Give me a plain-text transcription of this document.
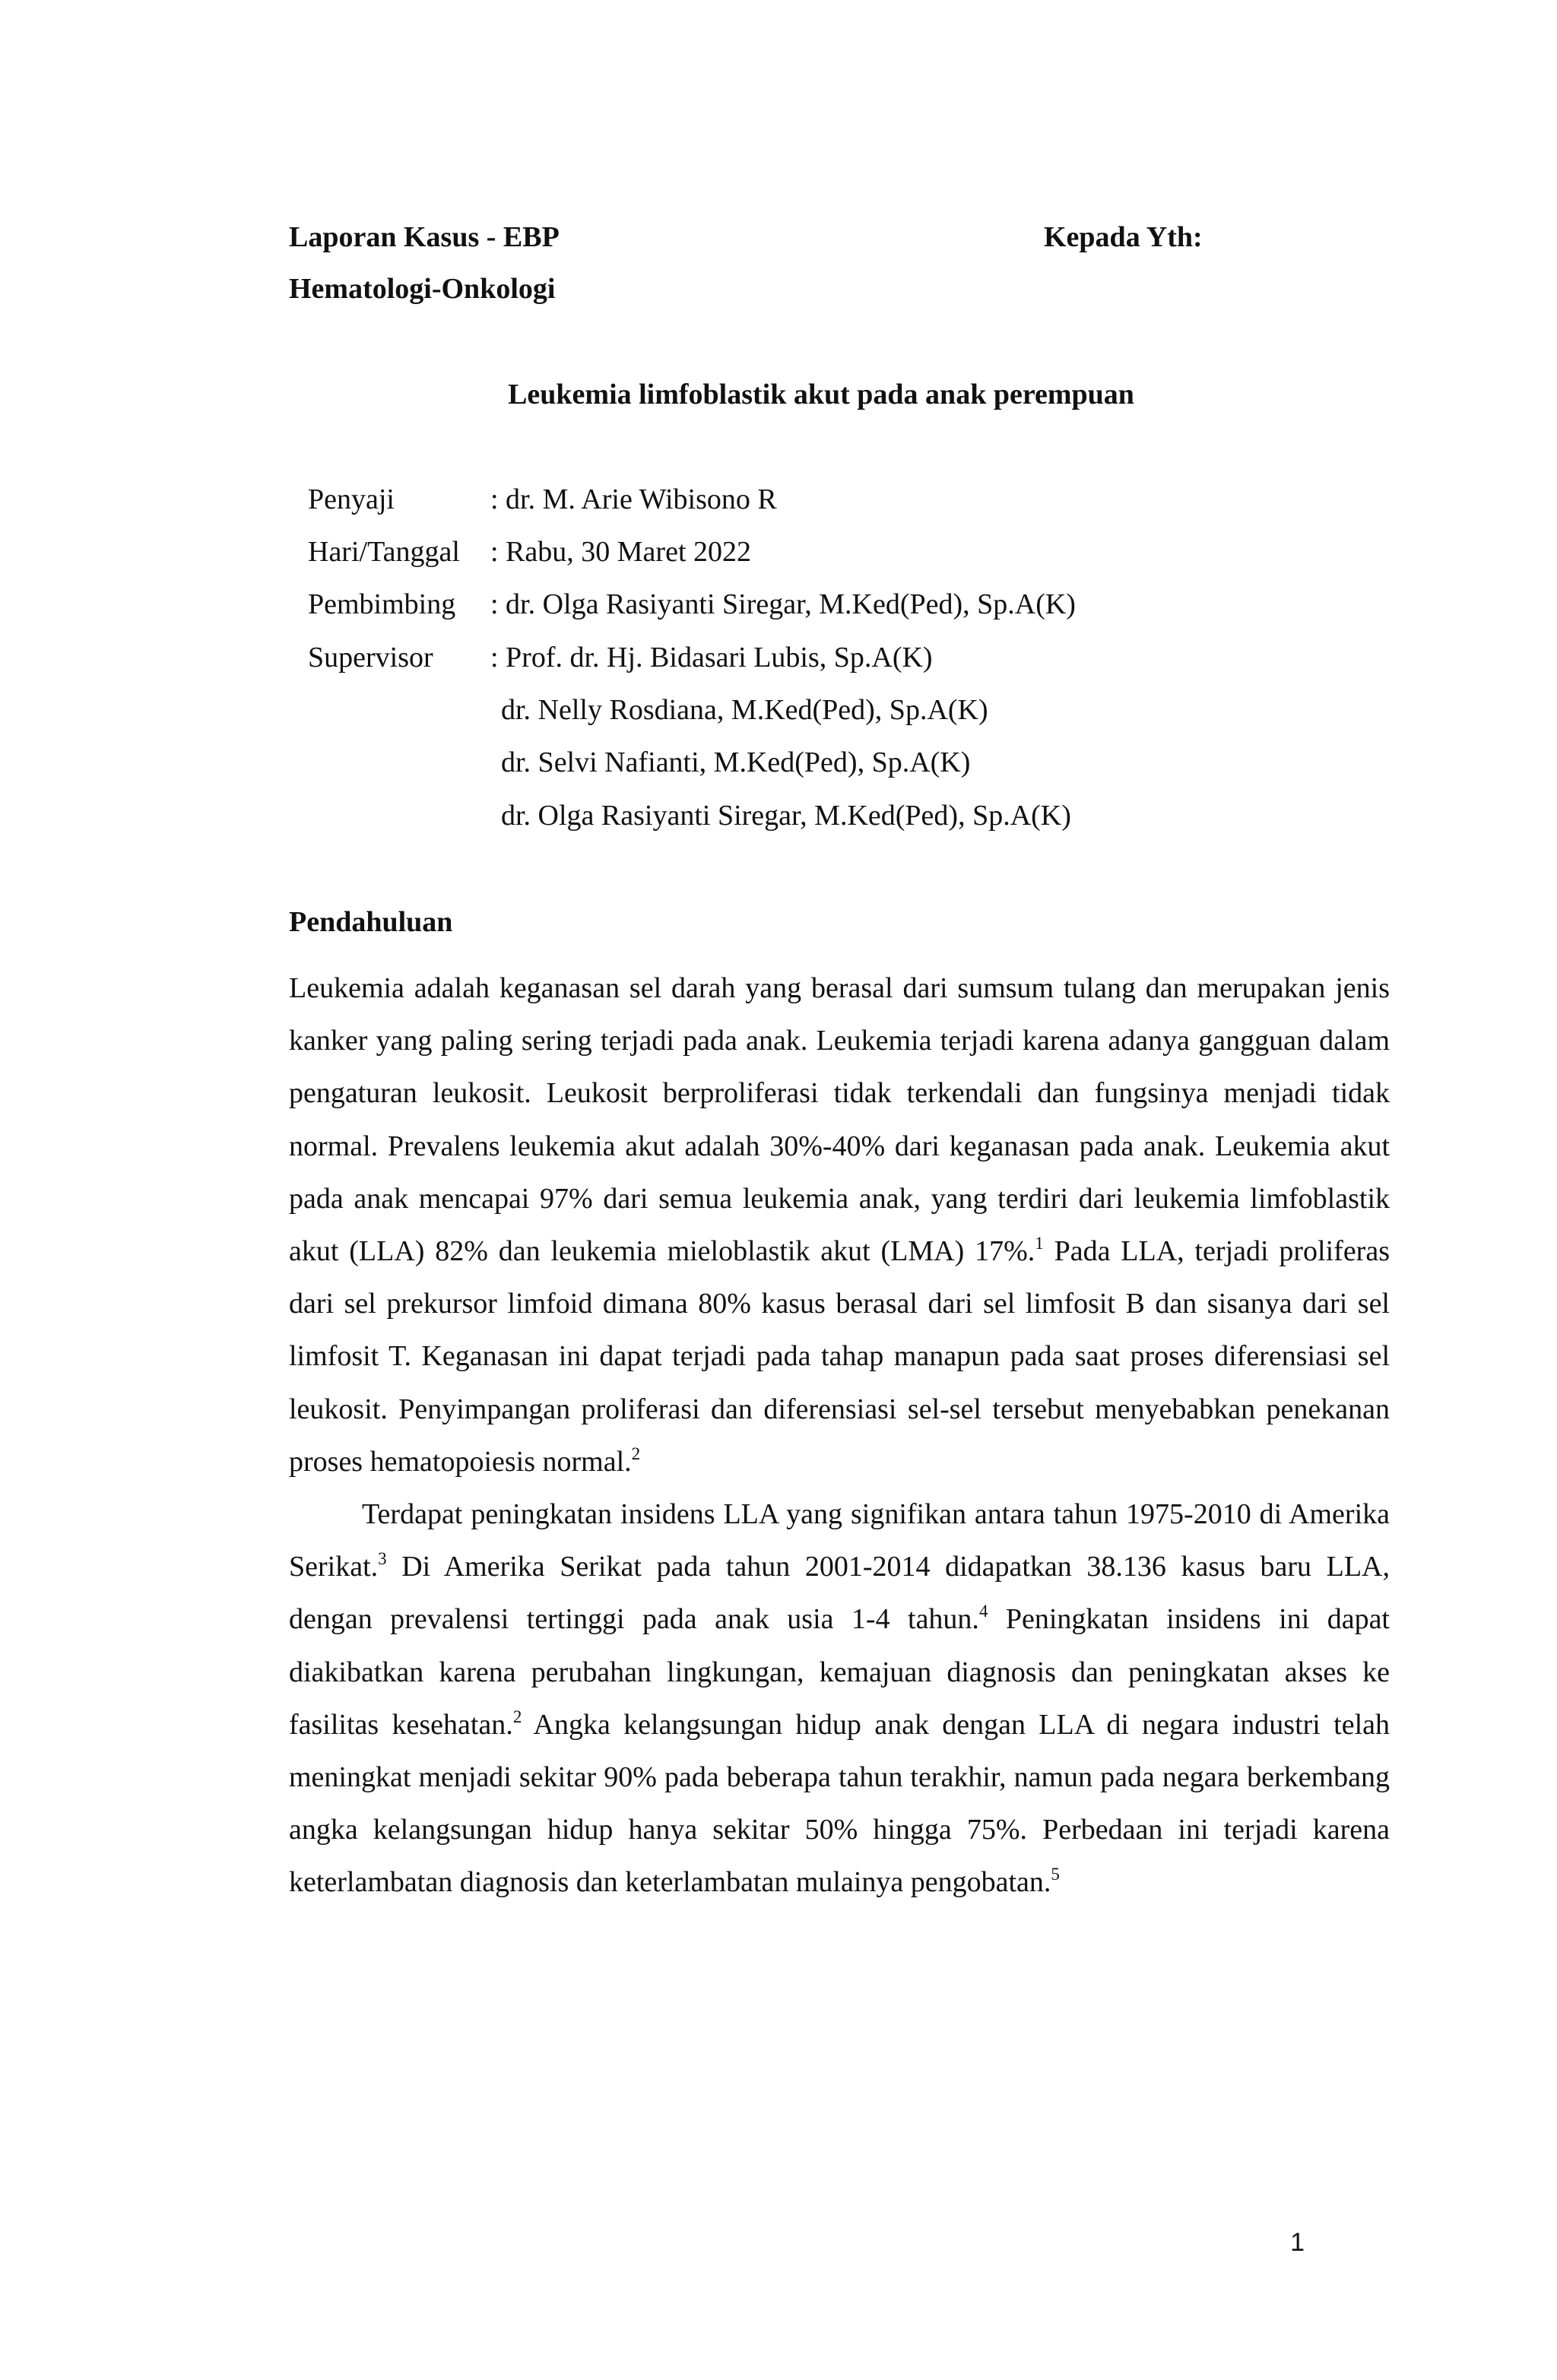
Laporan Kasus - EBP	Kepada Yth:
Hematologi-Onkologi
Leukemia limfoblastik akut pada anak perempuan
Penyaji	: dr. M. Arie Wibisono R
Hari/Tanggal : Rabu, 30 Maret 2022
Pembimbing : dr. Olga Rasiyanti Siregar, M.Ked(Ped), Sp.A(K)
Supervisor : Prof. dr. Hj. Bidasari Lubis, Sp.A(K)
dr. Nelly Rosdiana, M.Ked(Ped), Sp.A(K)
dr. Selvi Nafianti, M.Ked(Ped), Sp.A(K)
dr. Olga Rasiyanti Siregar, M.Ked(Ped), Sp.A(K)
Pendahuluan

Leukemia adalah keganasan sel darah yang berasal dari sumsum tulang dan merupakan jenis kanker yang paling sering terjadi pada anak. Leukemia terjadi karena adanya gangguan dalam pengaturan leukosit. Leukosit berproliferasi tidak terkendali dan fungsinya menjadi tidak normal. Prevalens leukemia akut adalah 30%-40% dari keganasan pada anak. Leukemia akut pada anak mencapai 97% dari semua leukemia anak, yang terdiri dari leukemia limfoblastik akut (LLA) 82% dan leukemia mieloblastik akut (LMA) 17%.$^1$ Pada LLA, terjadi proliferas dari sel prekursor limfoid dimana 80% kasus berasal dari sel limfosit B dan sisanya dari sel limfosit T. Keganasan ini dapat terjadi pada tahap manapun pada saat proses diferensiasi sel leukosit. Penyimpangan proliferasi dan diferensiasi sel-sel tersebut menyebabkan penekanan proses hematopoiesis normal.$^2$

Terdapat peningkatan insidens LLA yang signifikan antara tahun 1975-2010 di Amerika Serikat.$^3$ Di Amerika Serikat pada tahun 2001-2014 didapatkan 38.136 kasus baru LLA, dengan prevalensi tertinggi pada anak usia 1-4 tahun.$^4$ Peningkatan insidens ini dapat diakibatkan karena perubahan lingkungan, kemajuan diagnosis dan peningkatan akses ke fasilitas kesehatan.$^2$ Angka kelangsungan hidup anak dengan LLA di negara industri telah meningkat menjadi sekitar 90% pada beberapa tahun terakhir, namun pada negara berkembang angka kelangsungan hidup hanya sekitar 50% hingga 75%. Perbedaan ini terjadi karena keterlambatan diagnosis dan keterlambatan mulainya pengobatan.$^5$

1
